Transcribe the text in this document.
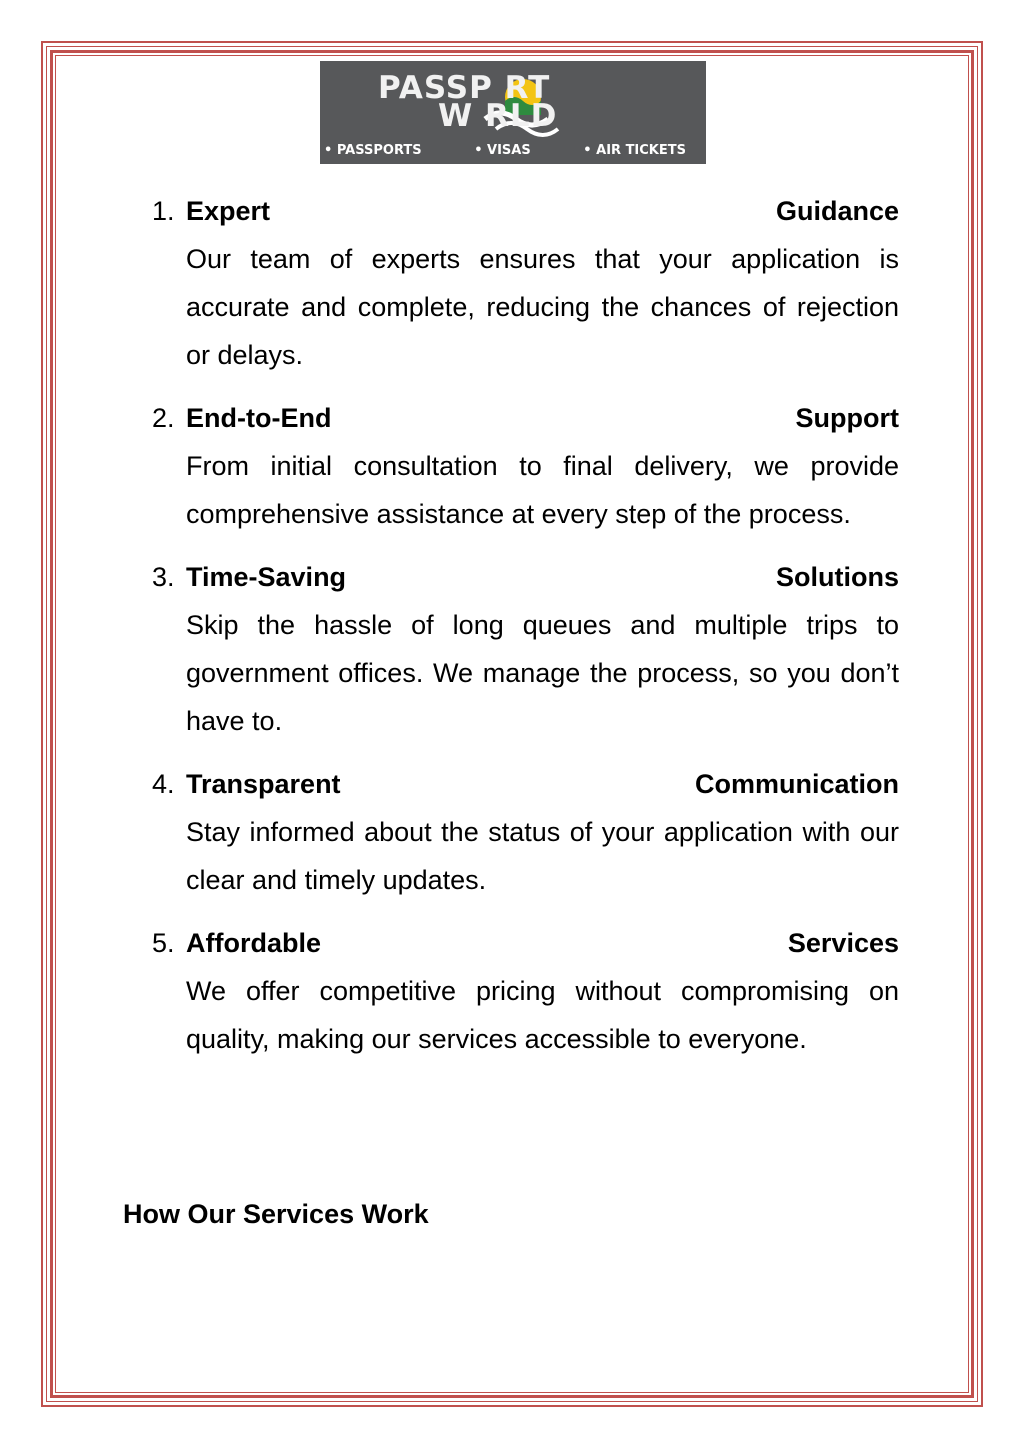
PASSP RT
W RLD
• PASSPORTS	• VISAS	• AIR TICKETS
1. Expert	Guidance
Our team of experts ensures that your application is accurate and complete, reducing the chances of rejection or delays.
2. End-to-End	Support
From initial consultation to final delivery, we provide comprehensive assistance at every step of the process.
3. Time-Saving	Solutions
Skip the hassle of long queues and multiple trips to government offices. We manage the process, so you don’t have to.
4. Transparent	Communication
Stay informed about the status of your application with our clear and timely updates.
5. Affordable	Services
We offer competitive pricing without compromising on quality, making our services accessible to everyone.
How Our Services Work
